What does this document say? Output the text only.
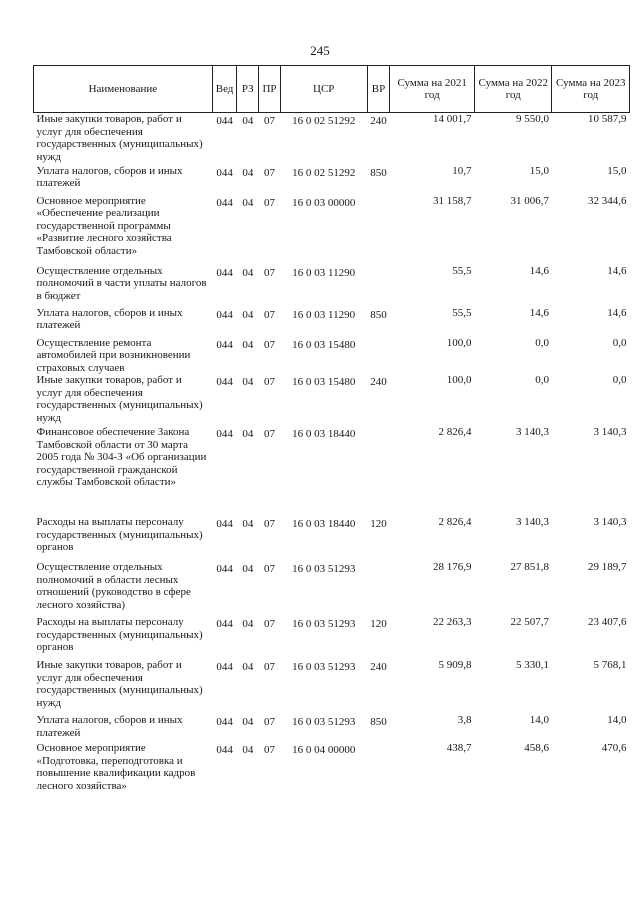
245
Наименование	Вед	РЗ	ПР	ЦСР	ВР	Сумма на 2021 год	Сумма на 2022 год	Сумма на 2023 год
Иные закупки товаров, работ и услуг для обеспечения государственных (муниципальных) нужд	044	04	07	16 0 02 51292	240	14 001,7	9 550,0	10 587,9
Уплата налогов, сборов и иных платежей	044	04	07	16 0 02 51292	850	10,7	15,0	15,0
Основное мероприятие «Обеспечение реализации государственной программы «Развитие лесного хозяйства Тамбовской области»	044	04	07	16 0 03 00000		31 158,7	31 006,7	32 344,6
Осуществление отдельных полномочий в части уплаты налогов в бюджет	044	04	07	16 0 03 11290		55,5	14,6	14,6
Уплата налогов, сборов и иных платежей	044	04	07	16 0 03 11290	850	55,5	14,6	14,6
Осуществление ремонта автомобилей при возникновении страховых случаев	044	04	07	16 0 03 15480		100,0	0,0	0,0
Иные закупки товаров, работ и услуг для обеспечения государственных (муниципальных) нужд	044	04	07	16 0 03 15480	240	100,0	0,0	0,0
Финансовое обеспечение Закона Тамбовской области от 30 марта 2005 года № 304-З «Об организации государственной гражданской службы Тамбовской области»	044	04	07	16 0 03 18440		2 826,4	3 140,3	3 140,3
Расходы на выплаты персоналу государственных (муниципальных) органов	044	04	07	16 0 03 18440	120	2 826,4	3 140,3	3 140,3
Осуществление отдельных полномочий в области лесных отношений (руководство в сфере лесного хозяйства)	044	04	07	16 0 03 51293		28 176,9	27 851,8	29 189,7
Расходы на выплаты персоналу государственных (муниципальных) органов	044	04	07	16 0 03 51293	120	22 263,3	22 507,7	23 407,6
Иные закупки товаров, работ и услуг для обеспечения государственных (муниципальных) нужд	044	04	07	16 0 03 51293	240	5 909,8	5 330,1	5 768,1
Уплата налогов, сборов и иных платежей	044	04	07	16 0 03 51293	850	3,8	14,0	14,0
Основное мероприятие «Подготовка, переподготовка и повышение квалификации кадров лесного хозяйства»	044	04	07	16 0 04 00000		438,7	458,6	470,6
